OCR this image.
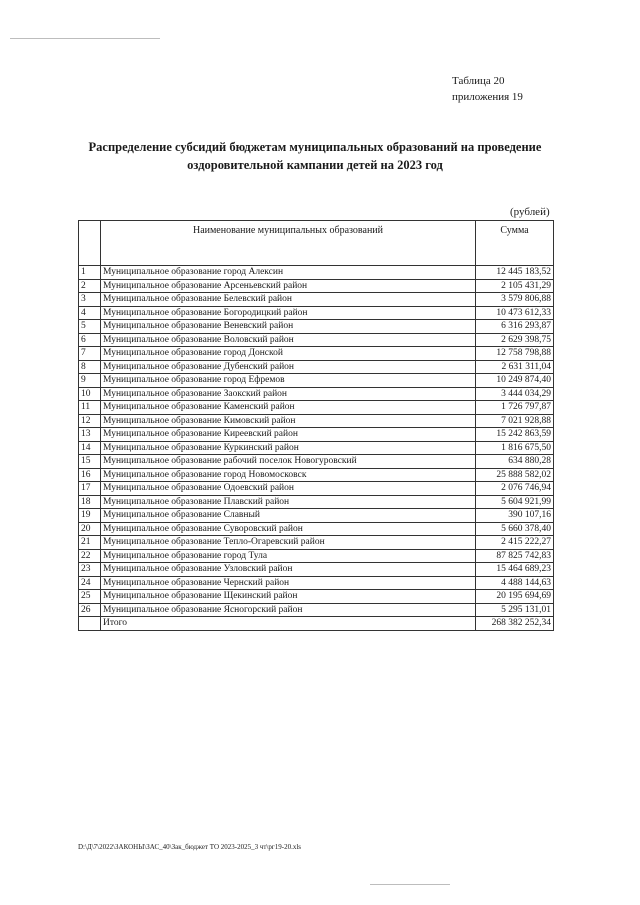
Таблица 20
приложения 19
Распределение субсидий бюджетам муниципальных образований на проведение
оздоровительной кампании детей на 2023 год
(рублей)
	Наименование муниципальных образований	Сумма
1	Муниципальное образование город Алексин	12 445 183,52
2	Муниципальное образование Арсеньевский район	2 105 431,29
3	Муниципальное образование Белевский район	3 579 806,88
4	Муниципальное образование Богородицкий район	10 473 612,33
5	Муниципальное образование Веневский район	6 316 293,87
6	Муниципальное образование Воловский район	2 629 398,75
7	Муниципальное образование город Донской	12 758 798,88
8	Муниципальное образование Дубенский район	2 631 311,04
9	Муниципальное образование город Ефремов	10 249 874,40
10	Муниципальное образование Заокский район	3 444 034,29
11	Муниципальное образование Каменский район	1 726 797,87
12	Муниципальное образование Кимовский район	7 021 928,88
13	Муниципальное образование Киреевский район	15 242 863,59
14	Муниципальное образование Куркинский район	1 816 675,50
15	Муниципальное образование рабочий поселок Новогуровский	634 880,28
16	Муниципальное образование город Новомосковск	25 888 582,02
17	Муниципальное образование Одоевский район	2 076 746,94
18	Муниципальное образование Плавский район	5 604 921,99
19	Муниципальное образование Славный	390 107,16
20	Муниципальное образование Суворовский район	5 660 378,40
21	Муниципальное образование Тепло-Огаревский район	2 415 222,27
22	Муниципальное образование город Тула	87 825 742,83
23	Муниципальное образование Узловский район	15 464 689,23
24	Муниципальное образование Чернский район	4 488 144,63
25	Муниципальное образование Щекинский район	20 195 694,69
26	Муниципальное образование Ясногорский район	5 295 131,01
	Итого	268 382 252,34
D:\Д\7\2022\ЗАКОНЫ\ЗАС_40\Зак_бюджет ТО 2023-2025_3 чт\рг19-20.xls
